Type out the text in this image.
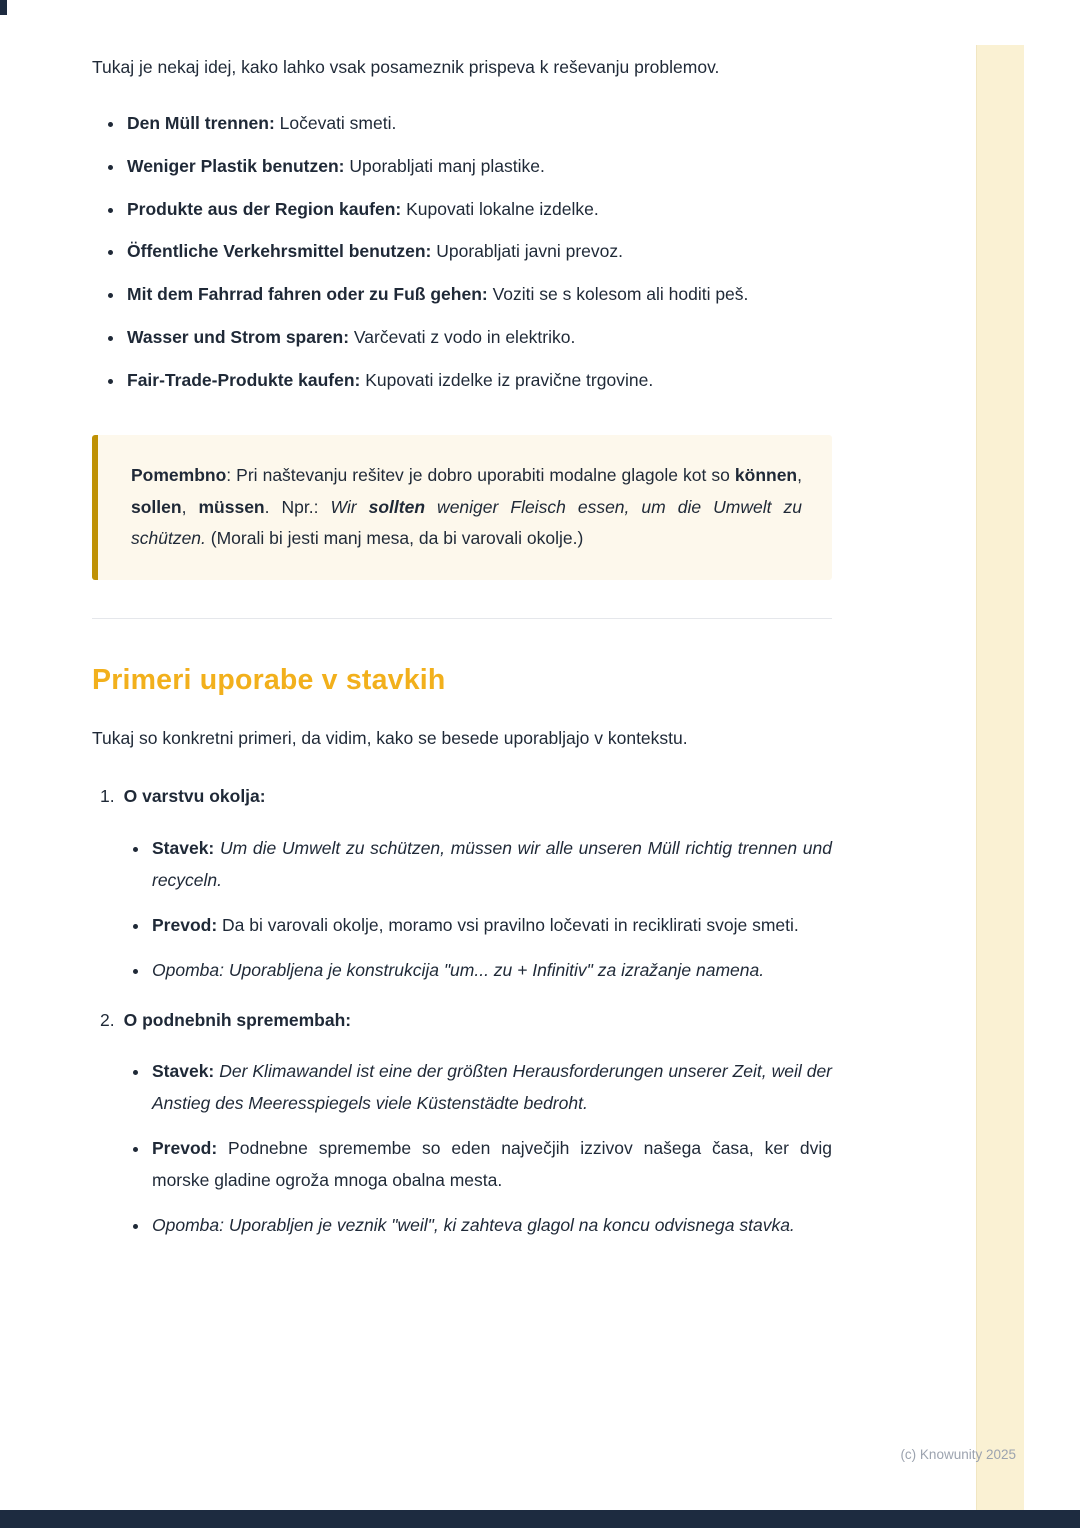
Tukaj je nekaj idej, kako lahko vsak posameznik prispeva k reševanju problemov.

• Den Müll trennen: Ločevati smeti.
• Weniger Plastik benutzen: Uporabljati manj plastike.
• Produkte aus der Region kaufen: Kupovati lokalne izdelke.
• Öffentliche Verkehrsmittel benutzen: Uporabljati javni prevoz.
• Mit dem Fahrrad fahren oder zu Fuß gehen: Voziti se s kolesom ali hoditi peš.
• Wasser und Strom sparen: Varčevati z vodo in elektriko.
• Fair-Trade-Produkte kaufen: Kupovati izdelke iz pravične trgovine.

Pomembno: Pri naštevanju rešitev je dobro uporabiti modalne glagole kot so können, sollen, müssen. Npr.: Wir sollten weniger Fleisch essen, um die Umwelt zu schützen. (Morali bi jesti manj mesa, da bi varovali okolje.)

Primeri uporabe v stavkih

Tukaj so konkretni primeri, da vidim, kako se besede uporabljajo v kontekstu.

1. O varstvu okolja:

• Stavek: Um die Umwelt zu schützen, müssen wir alle unseren Müll richtig trennen und recyceln.
• Prevod: Da bi varovali okolje, moramo vsi pravilno ločevati in reciklirati svoje smeti.
• Opomba: Uporabljena je konstrukcija "um... zu + Infinitiv" za izražanje namena.

2. O podnebnih spremembah:

• Stavek: Der Klimawandel ist eine der größten Herausforderungen unserer Zeit, weil der Anstieg des Meeresspiegels viele Küstenstädte bedroht.
• Prevod: Podnebne spremembe so eden največjih izzivov našega časa, ker dvig morske gladine ogroža mnoga obalna mesta.
• Opomba: Uporabljen je veznik "weil", ki zahteva glagol na koncu odvisnega stavka.
(c) Knowunity 2025
